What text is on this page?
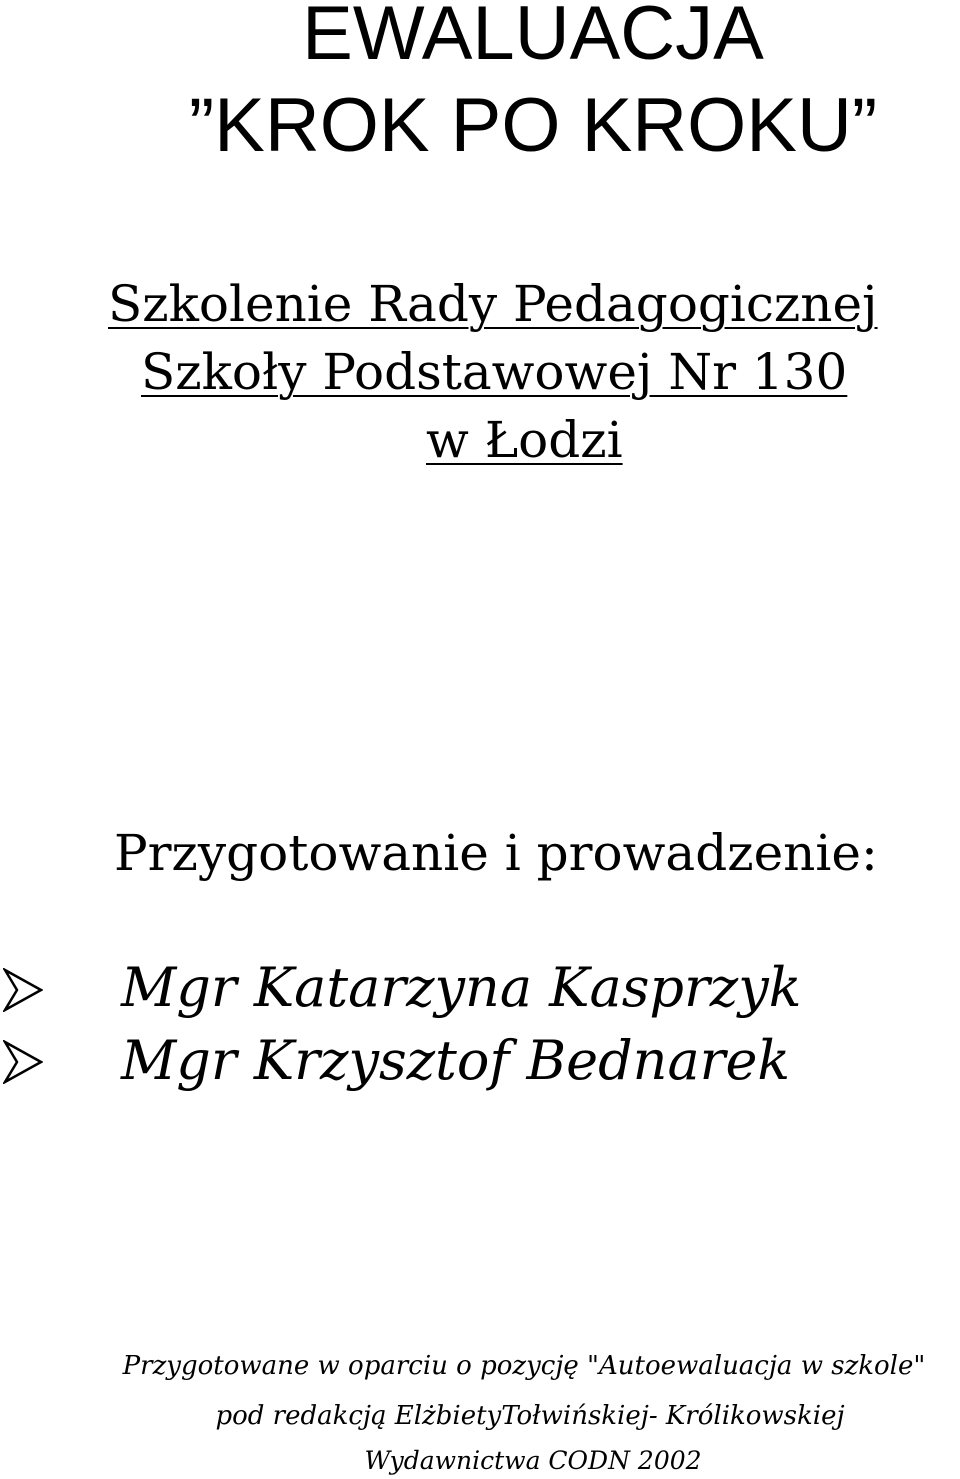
EWALUACJA
”KROK PO KROKU”
Szkolenie Rady Pedagogicznej
Szkoły Podstawowej Nr 130
w Łodzi
Przygotowanie i prowadzenie:
Mgr Katarzyna Kasprzyk
Mgr Krzysztof Bednarek
Przygotowane w oparciu o pozycję "Autoewaluacja w szkole"
pod redakcją ElżbietyTołwińskiej- Królikowskiej
Wydawnictwa CODN 2002
